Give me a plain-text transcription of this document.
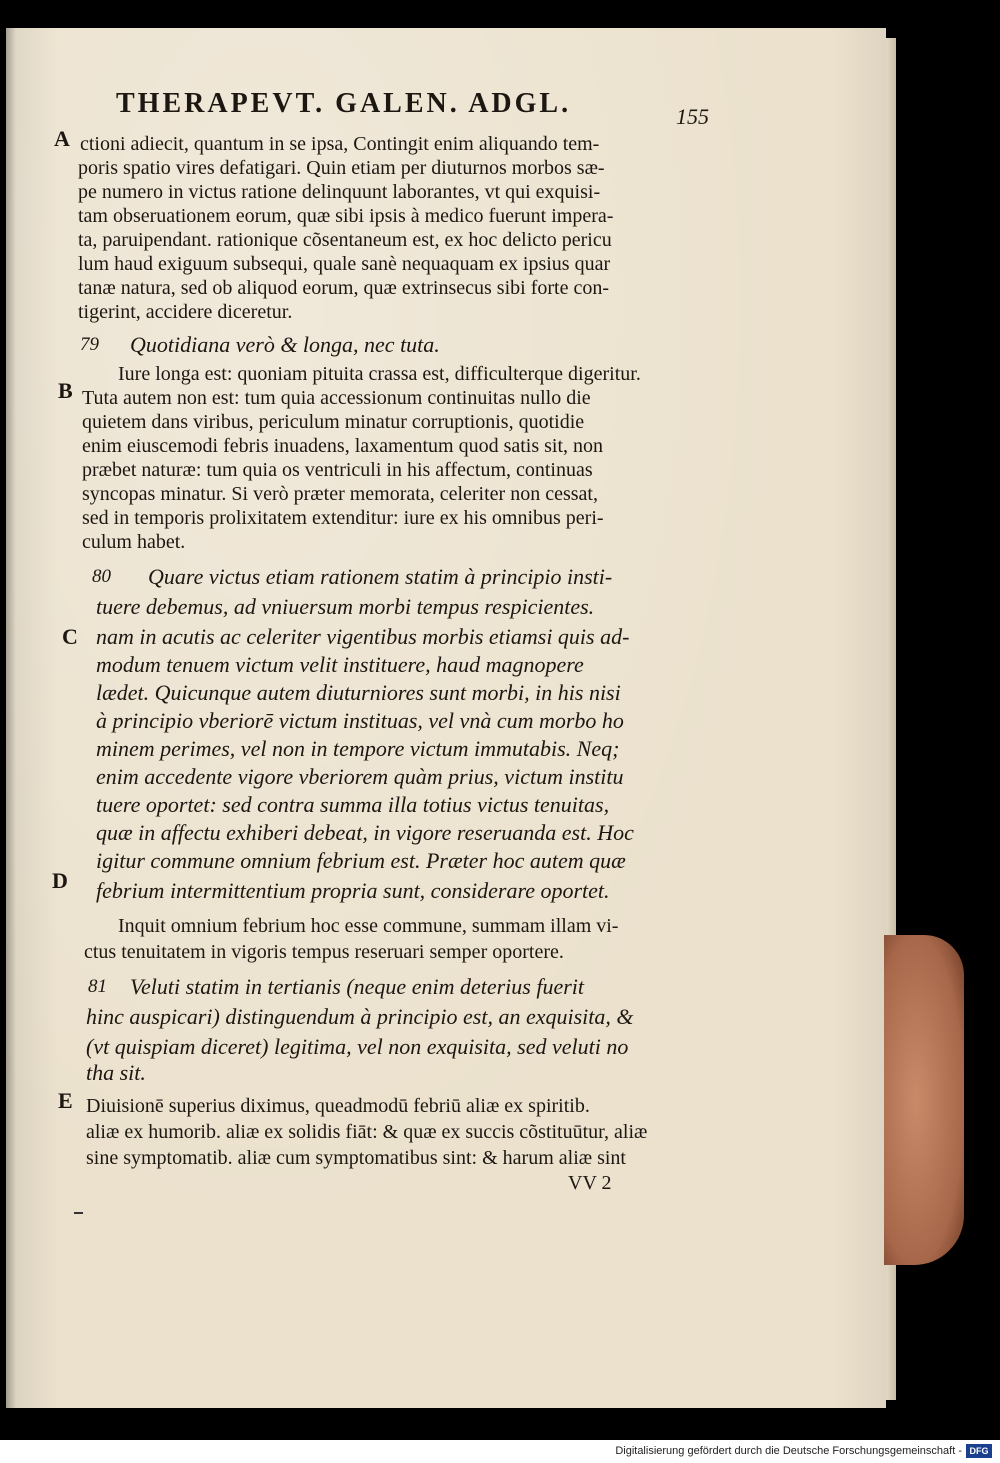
THERAPEVT. GALEN. ADGL.	155
A
B
C
D
E
ctioni adiecit, quantum in se ipsa, Contingit enim aliquando tem-
poris spatio vires defatigari. Quin etiam per diuturnos morbos sæ-
pe numero in victus ratione delinquunt laborantes, vt qui exquisi-
tam obseruationem eorum, quæ sibi ipsis à medico fuerunt impera-
ta, paruipendant. rationique cõsentaneum est, ex hoc delicto pericu
lum haud exiguum subsequi, quale sanè nequaquam ex ipsius quar
tanæ natura, sed ob aliquod eorum, quæ extrinsecus sibi forte con-
tigerint, accidere diceretur.
79 Quotidiana verò & longa, nec tuta.
Iure longa est: quoniam pituita crassa est, difficulterque digeritur.
Tuta autem non est: tum quia accessionum continuitas nullo die
quietem dans viribus, periculum minatur corruptionis, quotidie
enim eiuscemodi febris inuadens, laxamentum quod satis sit, non
præbet naturæ: tum quia os ventriculi in his affectum, continuas
syncopas minatur. Si verò præter memorata, celeriter non cessat,
sed in temporis prolixitatem extenditur: iure ex his omnibus peri-
culum habet.
80 Quare victus etiam rationem statim à principio insti-
tuere debemus, ad vniuersum morbi tempus respicientes.
nam in acutis ac celeriter vigentibus morbis etiamsi quis ad-
modum tenuem victum velit instituere, haud magnopere
lædet. Quicunque autem diuturniores sunt morbi, in his nisi
à principio vberiorē victum instituas, vel vnà cum morbo ho
minem perimes, vel non in tempore victum immutabis. Neq;
enim accedente vigore vberiorem quàm prius, victum institu
tuere oportet: sed contra summa illa totius victus tenuitas,
quæ in affectu exhiberi debeat, in vigore reseruanda est. Hoc
igitur commune omnium febrium est. Præter hoc autem quæ
febrium intermittentium propria sunt, considerare oportet.
Inquit omnium febrium hoc esse commune, summam illam vi-
ctus tenuitatem in vigoris tempus reseruari semper oportere.
81 Veluti statim in tertianis (neque enim deterius fuerit
hinc auspicari) distinguendum à principio est, an exquisita, &
(vt quispiam diceret) legitima, vel non exquisita, sed veluti no
tha sit.
Diuisionē superius diximus, queadmodū febriū aliæ ex spiritib.
aliæ ex humorib. aliæ ex solidis fiāt: & quæ ex succis cõstituūtur, aliæ
sine symptomatib. aliæ cum symptomatibus sint: & harum aliæ sint
VV 2
Digitalisierung gefördert durch die Deutsche Forschungsgemeinschaft - DFG
